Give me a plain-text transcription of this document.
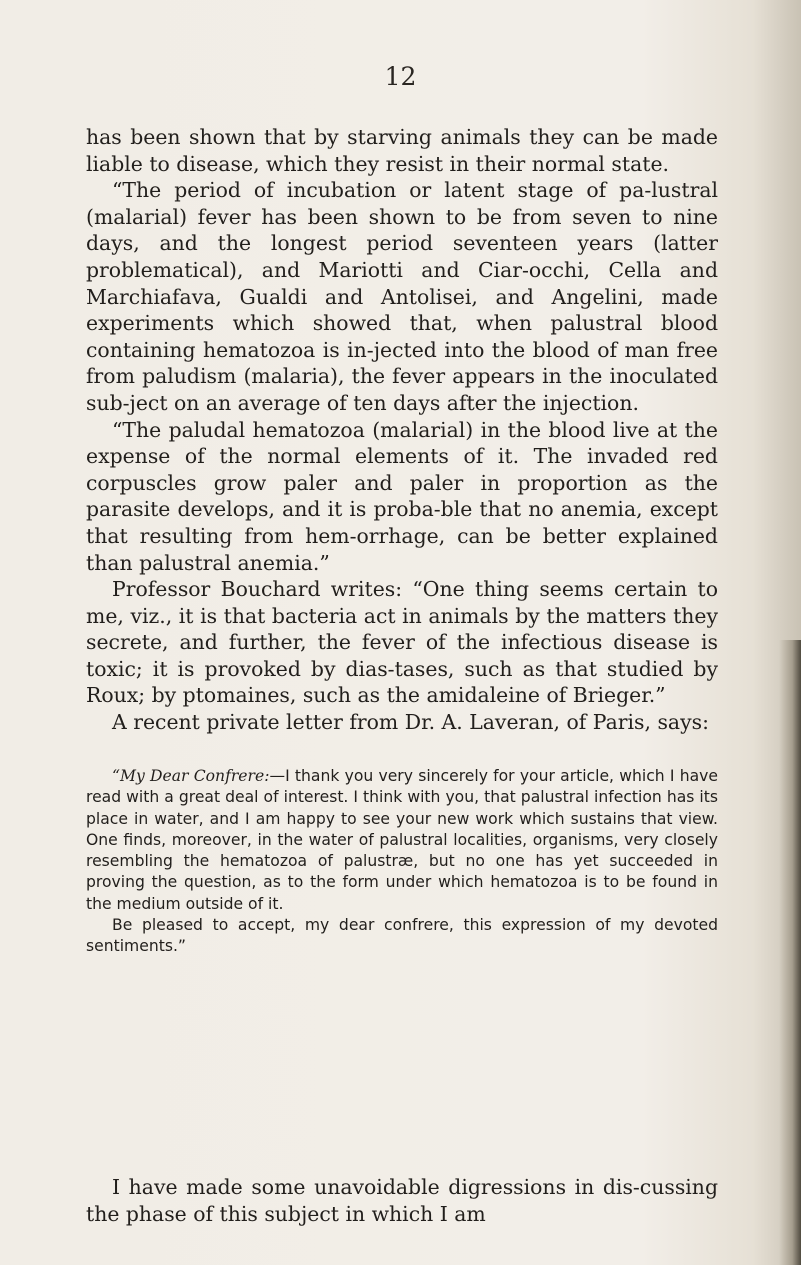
12

has been shown that by starving animals they can be made liable to disease, which they resist in their normal state.

“The period of incubation or latent stage of pa-lustral (malarial) fever has been shown to be from seven to nine days, and the longest period seventeen years (latter problematical), and Mariotti and Ciar-occhi, Cella and Marchiafava, Gualdi and Antolisei, and Angelini, made experiments which showed that, when palustral blood containing hematozoa is in-jected into the blood of man free from paludism (malaria), the fever appears in the inoculated sub-ject on an average of ten days after the injection.

“The paludal hematozoa (malarial) in the blood live at the expense of the normal elements of it. The invaded red corpuscles grow paler and paler in proportion as the parasite develops, and it is proba-ble that no anemia, except that resulting from hem-orrhage, can be better explained than palustral anemia.”

Professor Bouchard writes: “One thing seems certain to me, viz., it is that bacteria act in animals by the matters they secrete, and further, the fever of the infectious disease is toxic; it is provoked by dias-tases, such as that studied by Roux; by ptomaines, such as the amidaleine of Brieger.”

A recent private letter from Dr. A. Laveran, of Paris, says:

“My Dear Confrere:—I thank you very sincerely for your article, which I have read with a great deal of interest. I think with you, that palustral infection has its place in water, and I am happy to see your new work which sustains that view. One finds, moreover, in the water of palustral localities, organisms, very closely resembling the hematozoa of palustræ, but no one has yet succeeded in proving the question, as to the form under which hematozoa is to be found in the medium outside of it.

Be pleased to accept, my dear confrere, this expression of my devoted sentiments.”

I have made some unavoidable digressions in dis-cussing the phase of this subject in which I am
